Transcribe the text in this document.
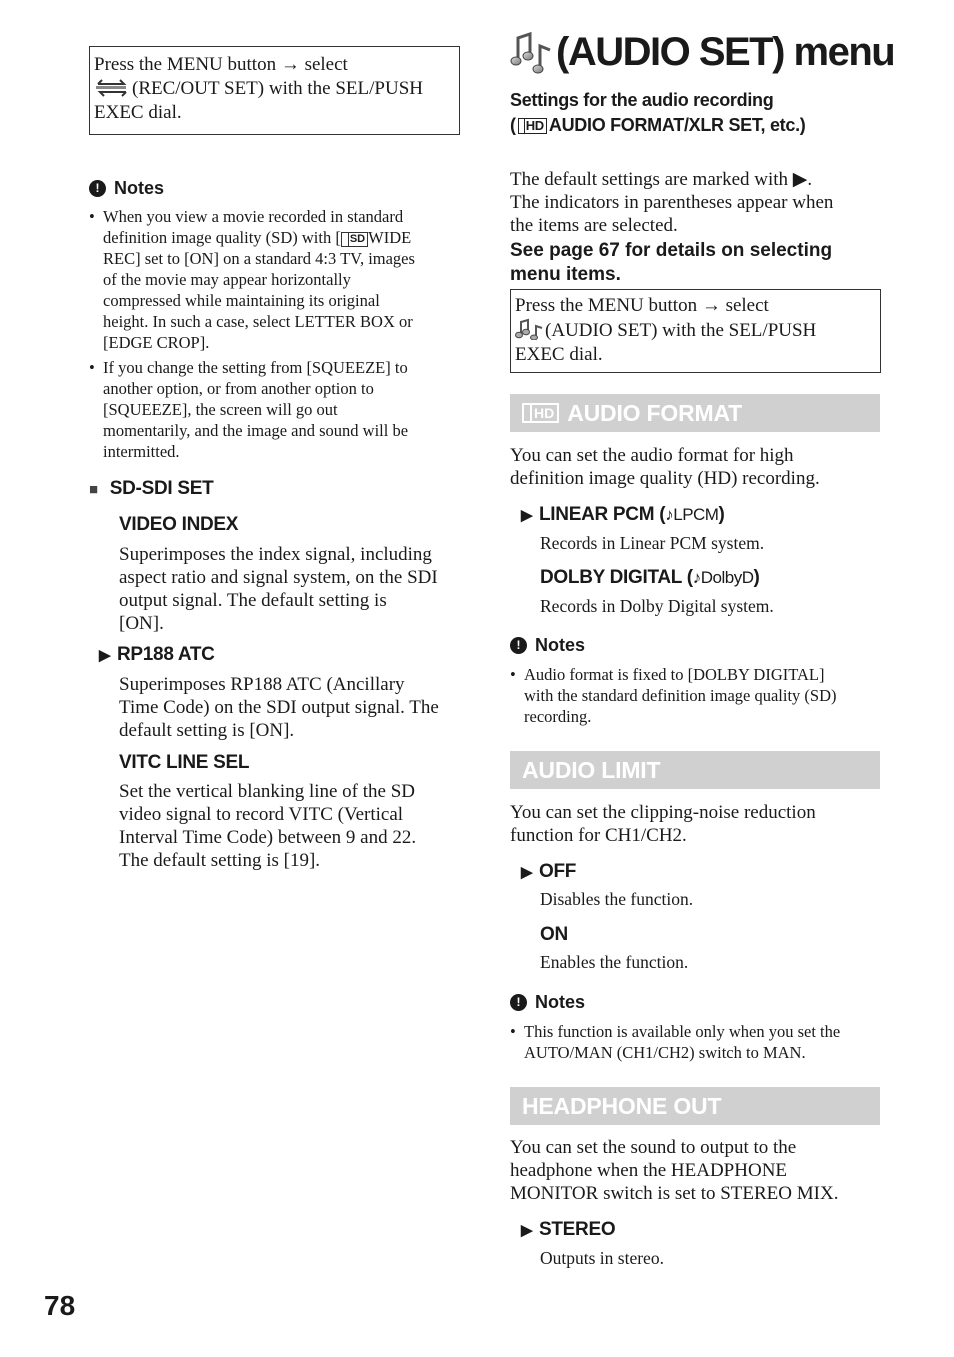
Press the MENU button → select
(REC/OUT SET) with the SEL/PUSH
EXEC dial.
! Notes
• When you view a movie recorded in standard
definition image quality (SD) with [ SD WIDE
REC] set to [ON] on a standard 4:3 TV, images
of the movie may appear horizontally
compressed while maintaining its original
height. In such a case, select LETTER BOX or
[EDGE CROP].
• If you change the setting from [SQUEEZE] to
another option, or from another option to
[SQUEEZE], the screen will go out
momentarily, and the image and sound will be
intermitted.
■ SD-SDI SET
VIDEO INDEX
Superimposes the index signal, including
aspect ratio and signal system, on the SDI
output signal. The default setting is
[ON].
▶ RP188 ATC
Superimposes RP188 ATC (Ancillary
Time Code) on the SDI output signal. The
default setting is [ON].
VITC LINE SEL
Set the vertical blanking line of the SD
video signal to record VITC (Vertical
Interval Time Code) between 9 and 22.
The default setting is [19].
78
(AUDIO SET) menu
Settings for the audio recording
( HD AUDIO FORMAT/XLR SET, etc.)
The default settings are marked with ▶.
The indicators in parentheses appear when
the items are selected.
See page 67 for details on selecting
menu items.
Press the MENU button → select
(AUDIO SET) with the SEL/PUSH
EXEC dial.
HD AUDIO FORMAT
You can set the audio format for high
definition image quality (HD) recording.
▶ LINEAR PCM (♪LPCM)
Records in Linear PCM system.
DOLBY DIGITAL (♪DolbyD)
Records in Dolby Digital system.
! Notes
• Audio format is fixed to [DOLBY DIGITAL]
with the standard definition image quality (SD)
recording.
AUDIO LIMIT
You can set the clipping-noise reduction
function for CH1/CH2.
▶ OFF
Disables the function.
ON
Enables the function.
! Notes
• This function is available only when you set the
AUTO/MAN (CH1/CH2) switch to MAN.
HEADPHONE OUT
You can set the sound to output to the
headphone when the HEADPHONE
MONITOR switch is set to STEREO MIX.
▶ STEREO
Outputs in stereo.
